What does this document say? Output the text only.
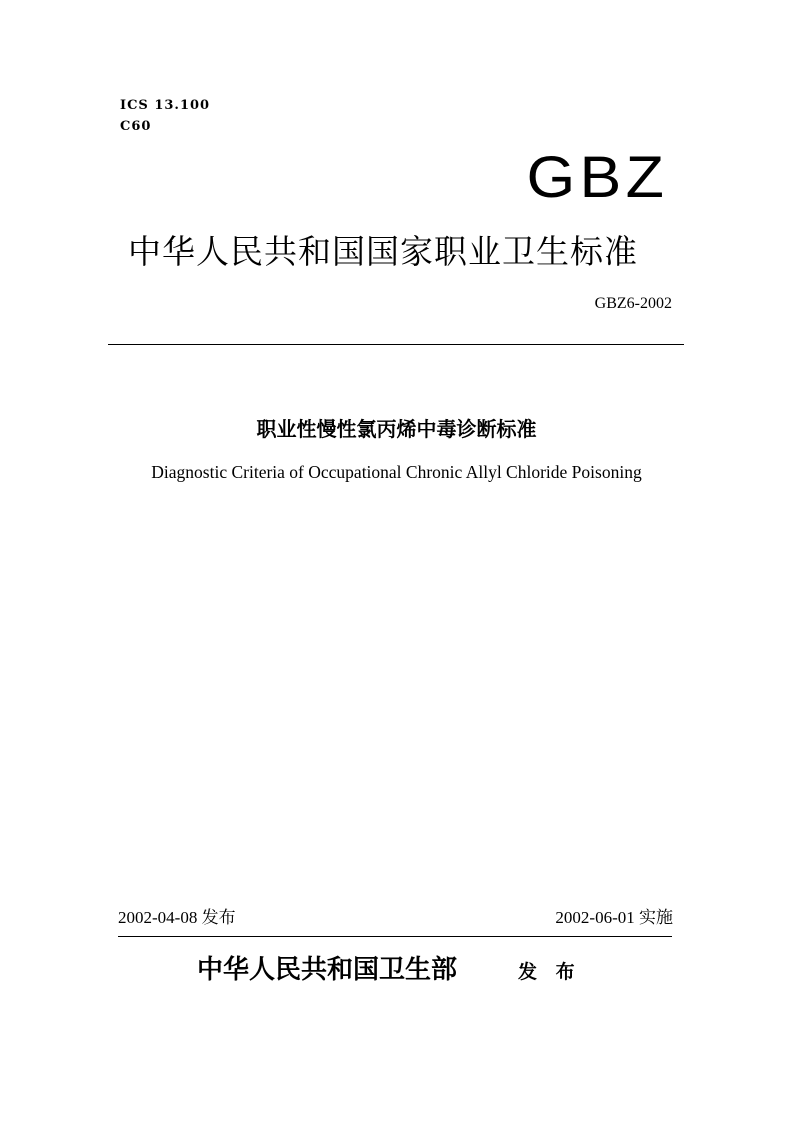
ICS 13.100
C60
GBZ
中华人民共和国国家职业卫生标准
GBZ6-2002
职业性慢性氯丙烯中毒诊断标准
Diagnostic Criteria of Occupational Chronic Allyl Chloride Poisoning
2002-04-08 发布	2002-06-01 实施
中华人民共和国卫生部	发 布
